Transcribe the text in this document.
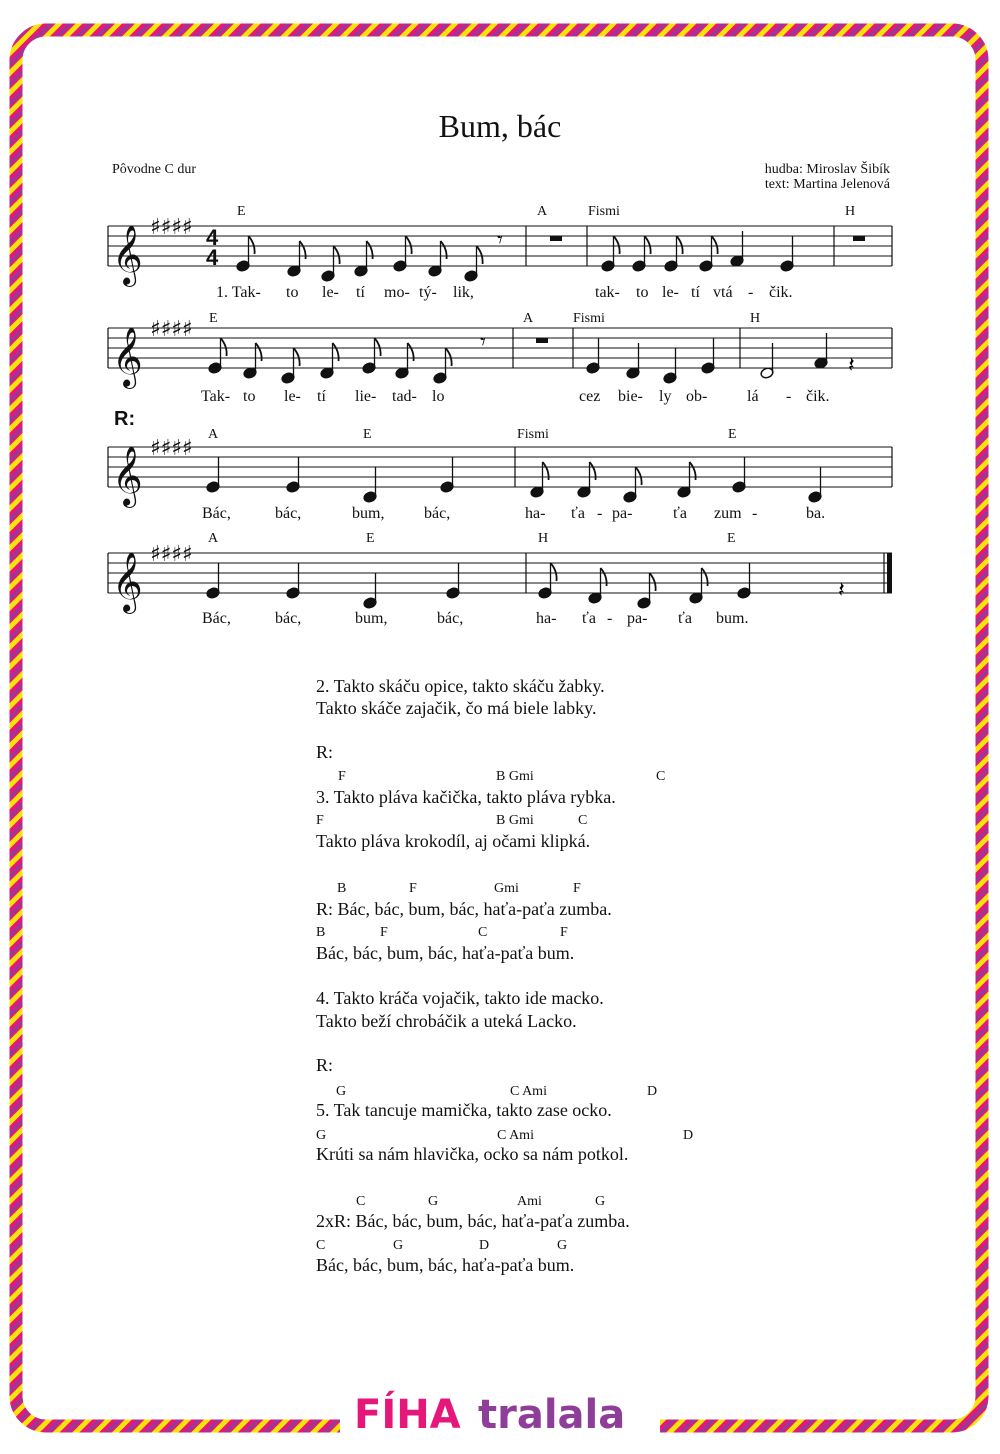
Bum, bác
Pôvodne C dur	hudba: Miroslav Šibík
text: Martina Jelenová
𝄞
𝄞
𝄞
𝄞
♯♯♯♯
♯♯♯♯
♯♯♯♯
♯♯♯♯
4
4
𝄾
𝄾
𝄽
𝄽
E	A	Fismi	H
E	A	Fismi	H
R:
A	E	Fismi	E
A	E	H	E
1. Tak- to le- tí mo- tý- lik,	tak- to le- tí vtá - čik.
Tak- to le- tí lie- tad- lo	cez bie- ly ob- lá - čik.
Bác,	bác,	bum, bác,	ha- ťa - pa-	ťa zum -	ba.
Bác,	bác,	bum,	bác,	ha- ťa - pa- ťa bum.
2. Takto skáču opice, takto skáču žabky.
Takto skáče zajačik, čo má biele labky.
R:
F	B Gmi	C
3. Takto pláva kačička, takto pláva rybka.
F	B Gmi	C
Takto pláva krokodíl, aj očami klipká.
B	F	Gmi	F
R: Bác, bác, bum, bác, haťa-paťa zumba.
B	F	C	F
Bác, bác, bum, bác, haťa-paťa bum.
4. Takto kráča vojačik, takto ide macko.
Takto beží chrobáčik a uteká Lacko.
R:
G	C Ami	D
5. Tak tancuje mamička, takto zase ocko.
G	C Ami	D
Krúti sa nám hlavička, ocko sa nám potkol.
C	G	Ami	G
2xR: Bác, bác, bum, bác, haťa-paťa zumba.
C	G	D	G
Bác, bác, bum, bác, haťa-paťa bum.
FÍHA tralala
